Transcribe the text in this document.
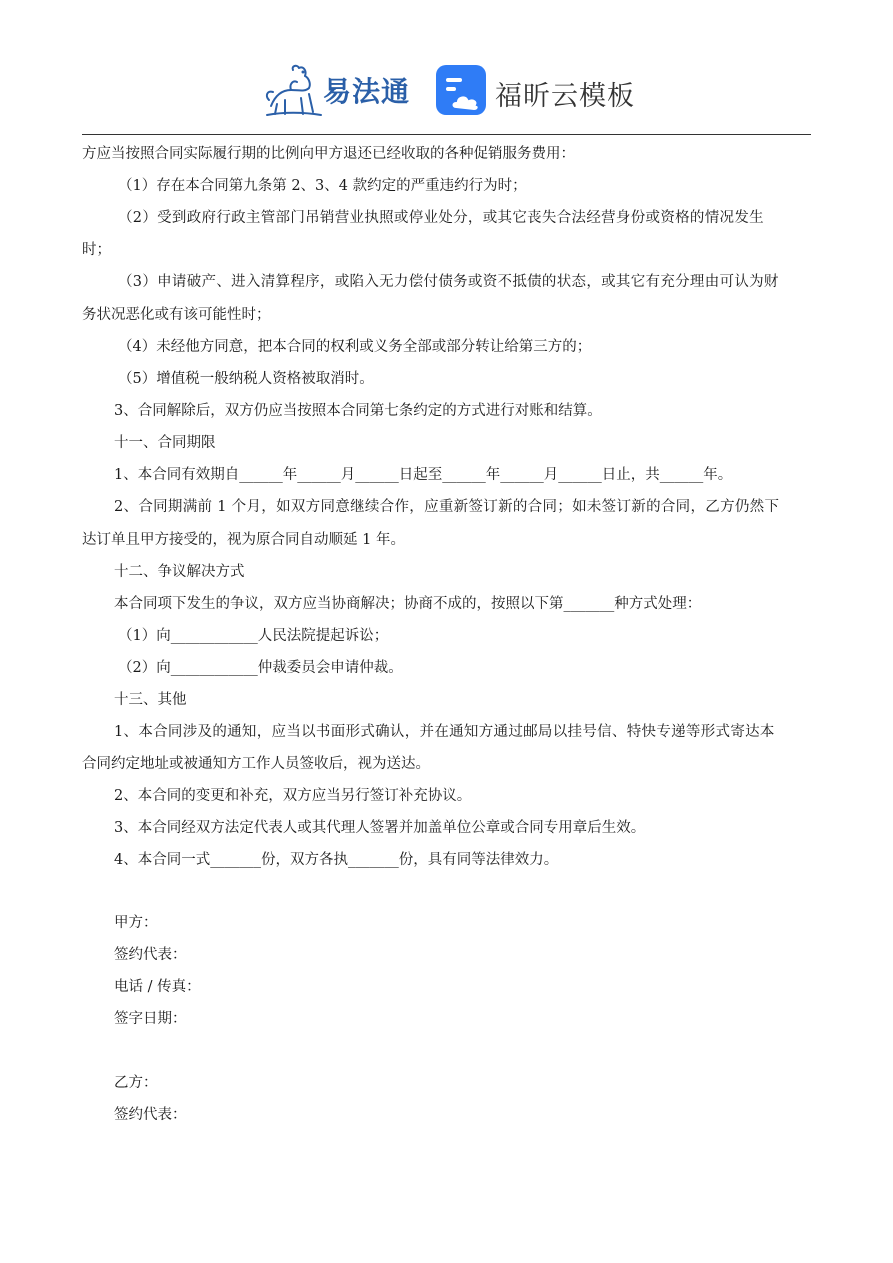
易法通	福昕云模板
方应当按照合同实际履行期的比例向甲方退还已经收取的各种促销服务费用：
（1）存在本合同第九条第 2、3、4 款约定的严重违约行为时；
（2）受到政府行政主管部门吊销营业执照或停业处分，或其它丧失合法经营身份或资格的情况发生
时；
（3）申请破产、进入清算程序，或陷入无力偿付债务或资不抵债的状态，或其它有充分理由可认为财
务状况恶化或有该可能性时；
（4）未经他方同意，把本合同的权利或义务全部或部分转让给第三方的；
（5）增值税一般纳税人资格被取消时。
3、合同解除后，双方仍应当按照本合同第七条约定的方式进行对账和结算。
十一、合同期限
1、本合同有效期自______年______月______日起至______年______月______日止，共______年。
2、合同期满前 1 个月，如双方同意继续合作，应重新签订新的合同；如未签订新的合同，乙方仍然下
达订单且甲方接受的，视为原合同自动顺延 1 年。
十二、争议解决方式
本合同项下发生的争议，双方应当协商解决；协商不成的，按照以下第_______种方式处理：
（1）向____________人民法院提起诉讼；
（2）向____________仲裁委员会申请仲裁。
十三、其他
1、本合同涉及的通知，应当以书面形式确认，并在通知方通过邮局以挂号信、特快专递等形式寄达本
合同约定地址或被通知方工作人员签收后，视为送达。
2、本合同的变更和补充，双方应当另行签订补充协议。
3、本合同经双方法定代表人或其代理人签署并加盖单位公章或合同专用章后生效。
4、本合同一式_______份，双方各执_______份，具有同等法律效力。
甲方：
签约代表：
电话 / 传真：
签字日期：
乙方：
签约代表：
